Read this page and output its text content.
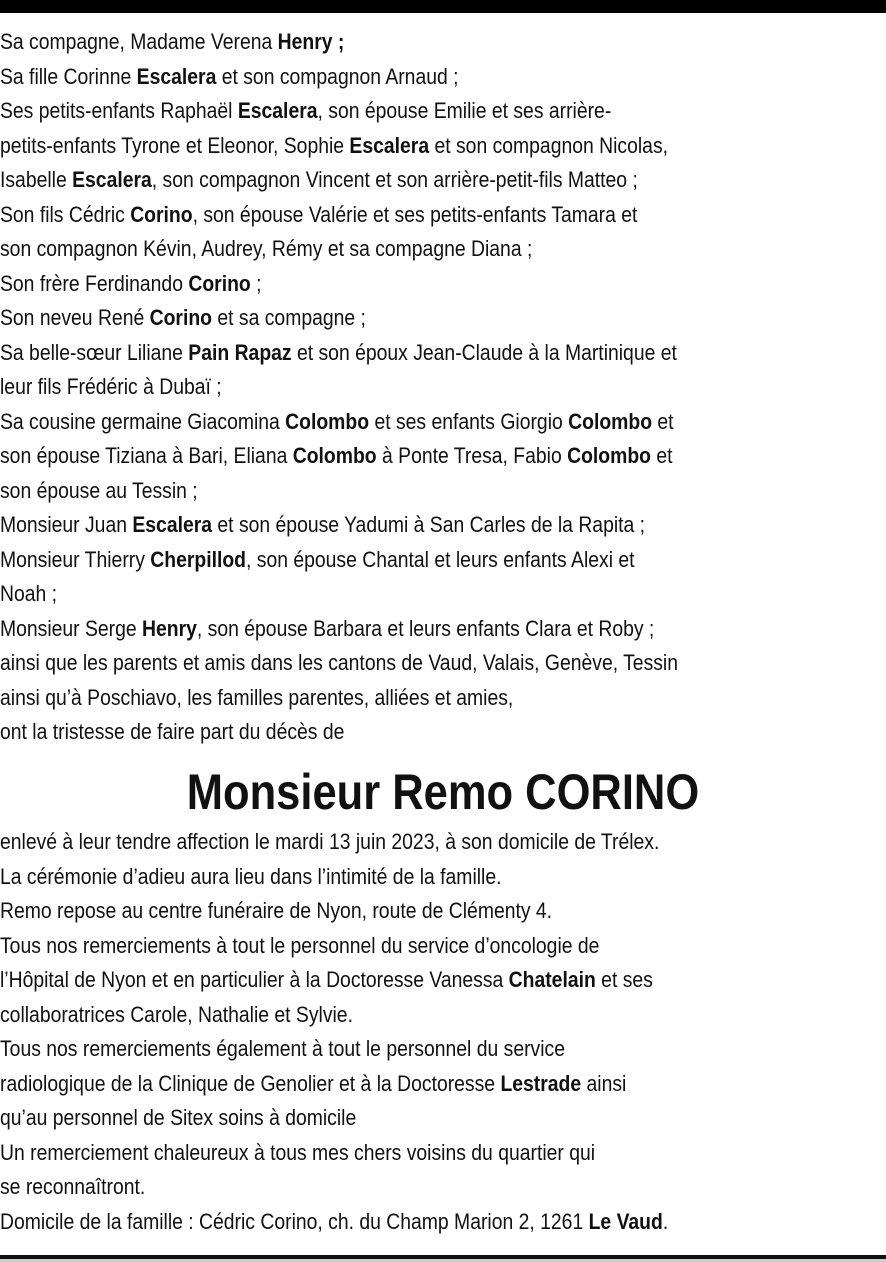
Sa compagne, Madame Verena Henry ;
Sa fille Corinne Escalera et son compagnon Arnaud ;
Ses petits-enfants Raphaël Escalera, son épouse Emilie et ses arrière-
petits-enfants Tyrone et Eleonor, Sophie Escalera et son compagnon Nicolas,
Isabelle Escalera, son compagnon Vincent et son arrière-petit-fils Matteo ;
Son fils Cédric Corino, son épouse Valérie et ses petits-enfants Tamara et
son compagnon Kévin, Audrey, Rémy et sa compagne Diana ;
Son frère Ferdinando Corino ;
Son neveu René Corino et sa compagne ;
Sa belle-sœur Liliane Pain Rapaz et son époux Jean-Claude à la Martinique et
leur fils Frédéric à Dubaï ;
Sa cousine germaine Giacomina Colombo et ses enfants Giorgio Colombo et
son épouse Tiziana à Bari, Eliana Colombo à Ponte Tresa, Fabio Colombo et
son épouse au Tessin ;
Monsieur Juan Escalera et son épouse Yadumi à San Carles de la Rapita ;
Monsieur Thierry Cherpillod, son épouse Chantal et leurs enfants Alexi et
Noah ;
Monsieur Serge Henry, son épouse Barbara et leurs enfants Clara et Roby ;
ainsi que les parents et amis dans les cantons de Vaud, Valais, Genève, Tessin
ainsi qu’à Poschiavo, les familles parentes, alliées et amies,
ont la tristesse de faire part du décès de
Monsieur Remo CORINO
enlevé à leur tendre affection le mardi 13 juin 2023, à son domicile de Trélex.
La cérémonie d’adieu aura lieu dans l’intimité de la famille.
Remo repose au centre funéraire de Nyon, route de Clémenty 4.
Tous nos remerciements à tout le personnel du service d’oncologie de
l’Hôpital de Nyon et en particulier à la Doctoresse Vanessa Chatelain et ses
collaboratrices Carole, Nathalie et Sylvie.
Tous nos remerciements également à tout le personnel du service
radiologique de la Clinique de Genolier et à la Doctoresse Lestrade ainsi
qu’au personnel de Sitex soins à domicile
Un remerciement chaleureux à tous mes chers voisins du quartier qui
se reconnaîtront.
Domicile de la famille : Cédric Corino, ch. du Champ Marion 2, 1261 Le Vaud.
